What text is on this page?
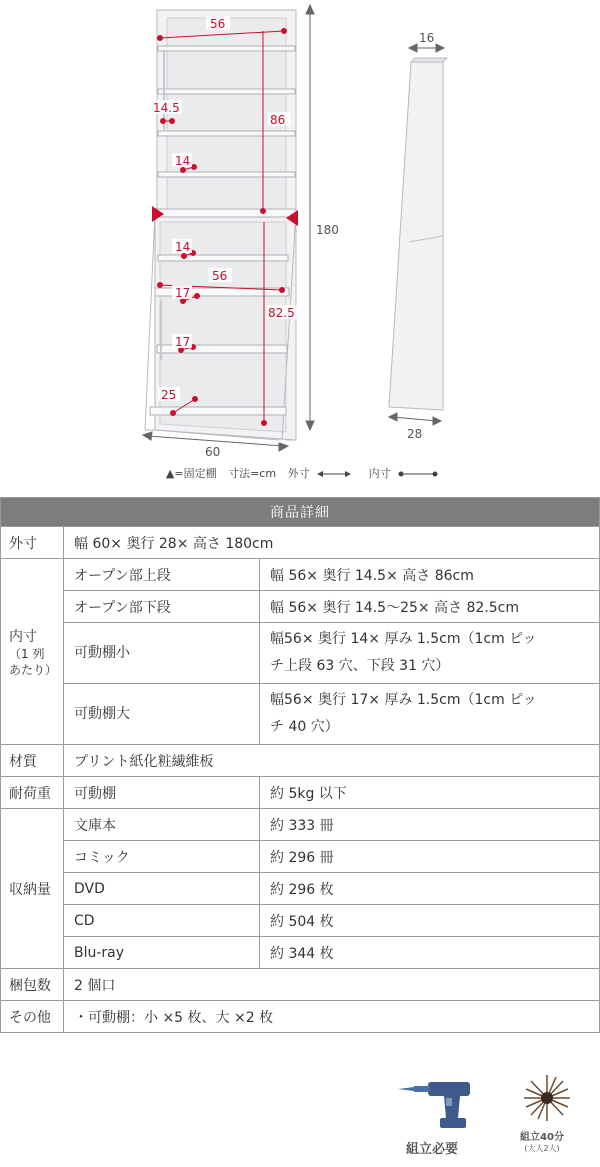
56
86
14.5
14
14
56
17
82.5
17
25
180
60
16
28
▲=固定棚 寸法=cm 外寸	内寸
商品詳細		
外寸	幅 60× 奥行 28× 高さ 180cm	

内寸
（1 列
あたり）	オープン部上段	幅 56× 奥行 14.5× 高さ 86cm
	オープン部下段	幅 56× 奥行 14.5〜25× 高さ 82.5cm
	可動棚小	幅56× 奥行 14× 厚み 1.5cm（1cm ピッ
チ上段 63 穴、下段 31 穴）

	可動棚大	幅56× 奥行 17× 厚み 1.5cm（1cm ピッ
チ 40 穴）

材質	プリント紙化粧繊維板	
耐荷重	可動棚	約 5kg 以下
収納量	文庫本	約 333 冊
	コミック	約 296 冊
	DVD	約 296 枚
	CD	約 504 枚
	Blu-ray	約 344 枚
梱包数	2 個口	
その他	・可動棚：小 ×5 枚、大 ×2 枚	
組立必要
組立40分
(大人2人)
